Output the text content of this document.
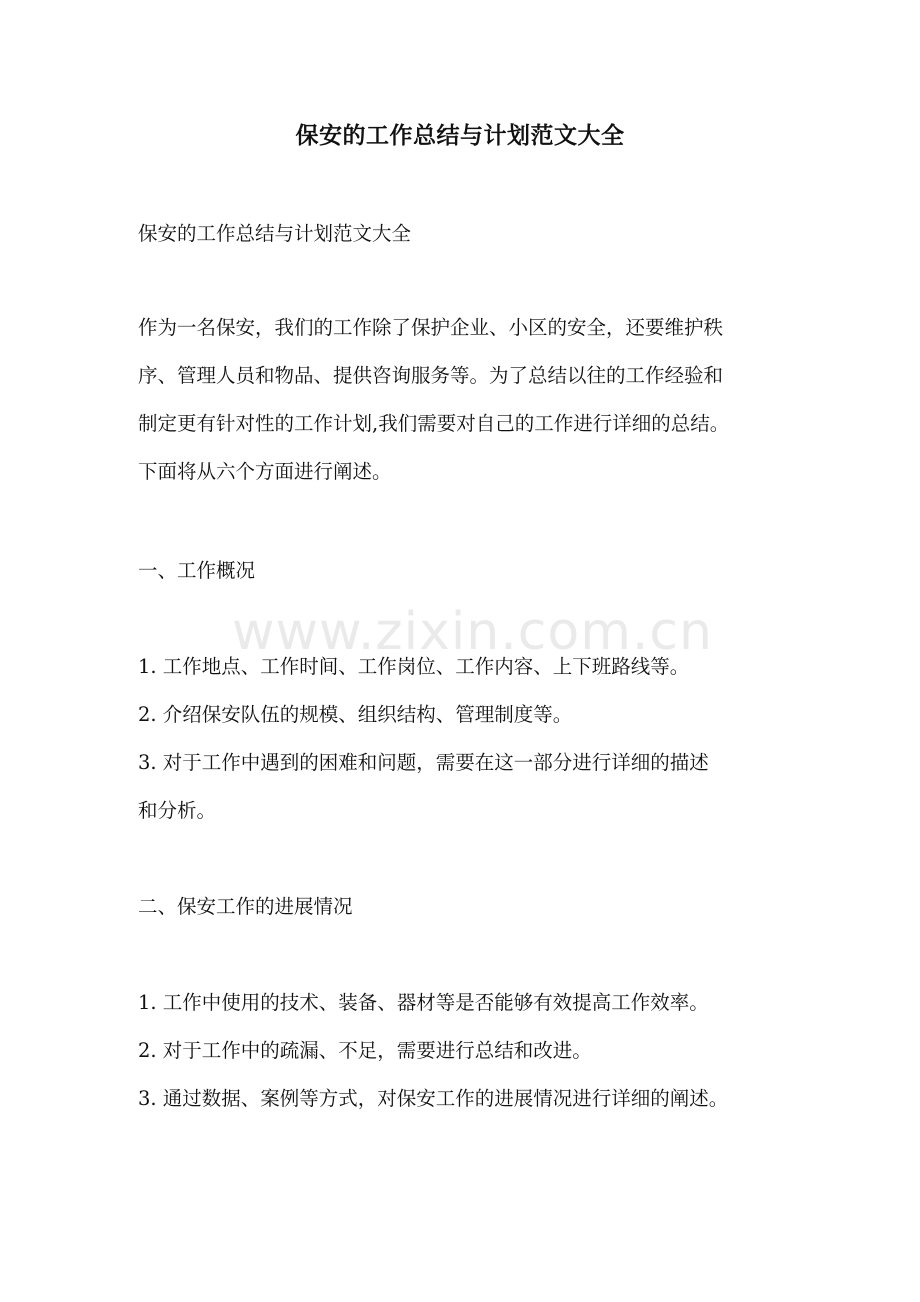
保安的工作总结与计划范文大全
保安的工作总结与计划范文大全
作为一名保安，我们的工作除了保护企业、小区的安全，还要维护秩
序、管理人员和物品、提供咨询服务等。为了总结以往的工作经验和
制定更有针对性的工作计划,我们需要对自己的工作进行详细的总结。
下面将从六个方面进行阐述。
一、工作概况
1. 工作地点、工作时间、工作岗位、工作内容、上下班路线等。
2. 介绍保安队伍的规模、组织结构、管理制度等。
3. 对于工作中遇到的困难和问题，需要在这一部分进行详细的描述
和分析。
二、保安工作的进展情况
1. 工作中使用的技术、装备、器材等是否能够有效提高工作效率。
2. 对于工作中的疏漏、不足，需要进行总结和改进。
3. 通过数据、案例等方式，对保安工作的进展情况进行详细的阐述。
www.zixin.com.cn
